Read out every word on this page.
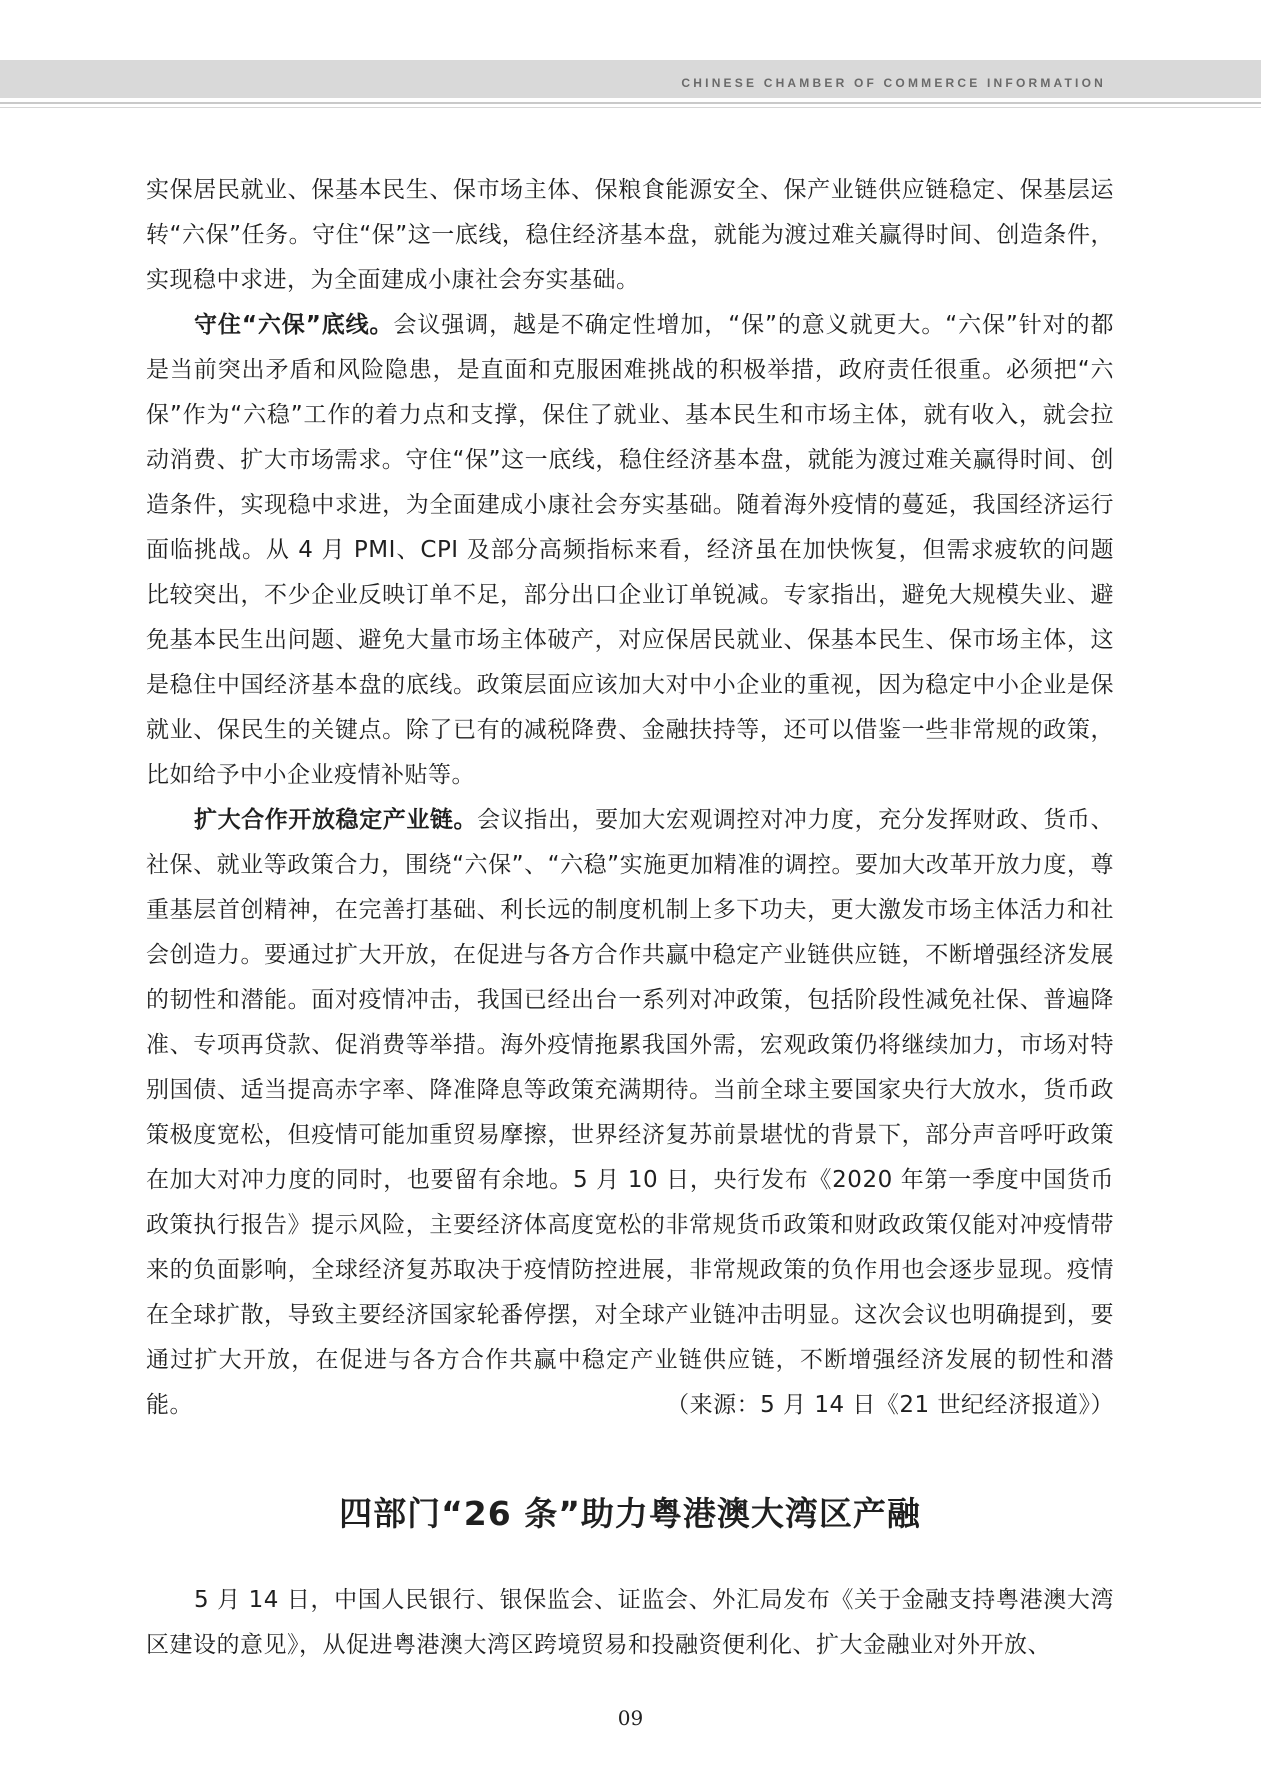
CHINESE CHAMBER OF COMMERCE INFORMATION

实保居民就业、保基本民生、保市场主体、保粮食能源安全、保产业链供应链稳定、保基层运转“六保”任务。守住“保”这一底线，稳住经济基本盘，就能为渡过难关赢得时间、创造条件，实现稳中求进，为全面建成小康社会夯实基础。

守住“六保”底线。会议强调，越是不确定性增加，“保”的意义就更大。“六保”针对的都是当前突出矛盾和风险隐患，是直面和克服困难挑战的积极举措，政府责任很重。必须把“六保”作为“六稳”工作的着力点和支撑，保住了就业、基本民生和市场主体，就有收入，就会拉动消费、扩大市场需求。守住“保”这一底线，稳住经济基本盘，就能为渡过难关赢得时间、创造条件，实现稳中求进，为全面建成小康社会夯实基础。随着海外疫情的蔓延，我国经济运行面临挑战。从 4 月 PMI、CPI 及部分高频指标来看，经济虽在加快恢复，但需求疲软的问题比较突出，不少企业反映订单不足，部分出口企业订单锐减。专家指出，避免大规模失业、避免基本民生出问题、避免大量市场主体破产，对应保居民就业、保基本民生、保市场主体，这是稳住中国经济基本盘的底线。政策层面应该加大对中小企业的重视，因为稳定中小企业是保就业、保民生的关键点。除了已有的减税降费、金融扶持等，还可以借鉴一些非常规的政策，比如给予中小企业疫情补贴等。

扩大合作开放稳定产业链。会议指出，要加大宏观调控对冲力度，充分发挥财政、货币、社保、就业等政策合力，围绕“六保”、“六稳”实施更加精准的调控。要加大改革开放力度，尊重基层首创精神，在完善打基础、利长远的制度机制上多下功夫，更大激发市场主体活力和社会创造力。要通过扩大开放，在促进与各方合作共赢中稳定产业链供应链，不断增强经济发展的韧性和潜能。面对疫情冲击，我国已经出台一系列对冲政策，包括阶段性减免社保、普遍降准、专项再贷款、促消费等举措。海外疫情拖累我国外需，宏观政策仍将继续加力，市场对特别国债、适当提高赤字率、降准降息等政策充满期待。当前全球主要国家央行大放水，货币政策极度宽松，但疫情可能加重贸易摩擦，世界经济复苏前景堪忧的背景下，部分声音呼吁政策在加大对冲力度的同时，也要留有余地。5 月 10 日，央行发布《2020 年第一季度中国货币政策执行报告》提示风险，主要经济体高度宽松的非常规货币政策和财政政策仅能对冲疫情带来的负面影响，全球经济复苏取决于疫情防控进展，非常规政策的负作用也会逐步显现。疫情在全球扩散，导致主要经济国家轮番停摆，对全球产业链冲击明显。这次会议也明确提到，要通过扩大开放，在促进与各方合作共赢中稳定产业链供应链，不断增强经济发展的韧性和潜能。	（来源：5 月 14 日《21 世纪经济报道》）
四部门“26 条”助力粤港澳大湾区产融

5 月 14 日，中国人民银行、银保监会、证监会、外汇局发布《关于金融支持粤港澳大湾区建设的意见》，从促进粤港澳大湾区跨境贸易和投融资便利化、扩大金融业对外开放、

09
